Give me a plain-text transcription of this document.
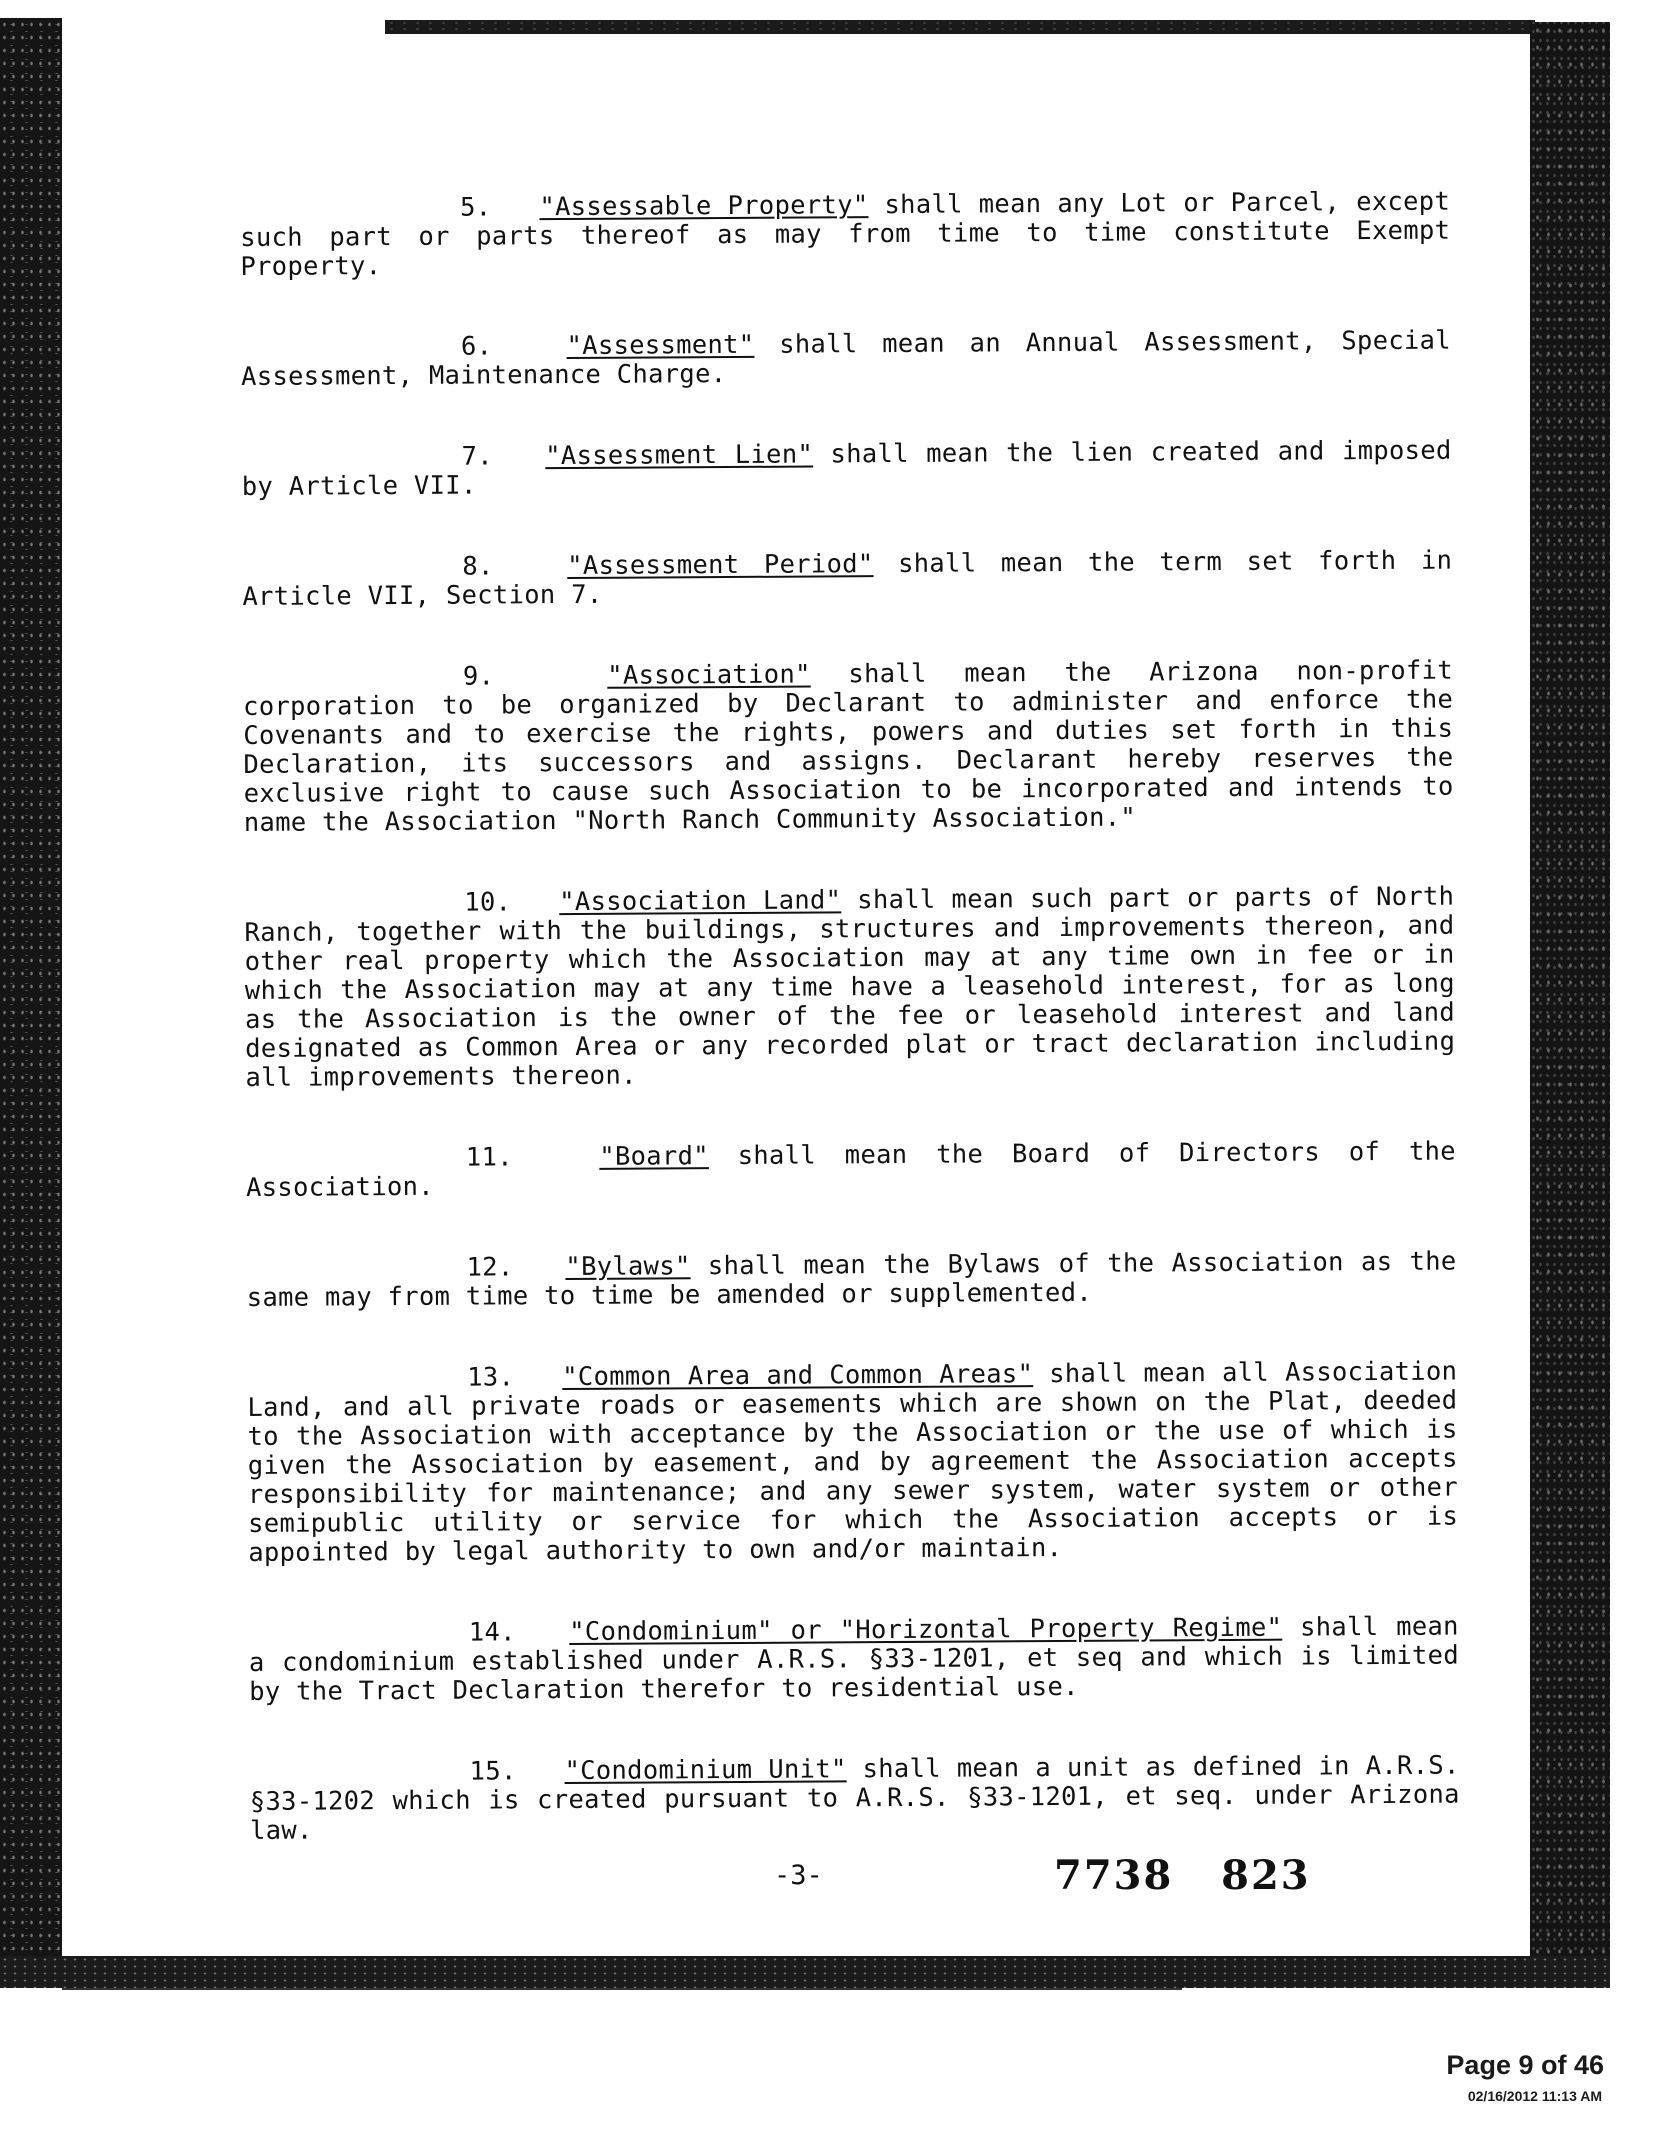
5. "Assessable Property" shall mean any Lot or Parcel, except such part or parts thereof as may from time to time constitute Exempt Property.

6.	"Assessment" shall mean an Annual Assessment, Special Assessment, Maintenance Charge.

7. "Assessment Lien" shall mean the lien created and imposed by Article VII.

8.	"Assessment Period" shall mean the term set forth in Article VII, Section 7.

9.	"Association" shall mean the Arizona non-profit corporation to be organized by Declarant to administer and enforce the Covenants and to exercise the rights, powers and duties set forth in this Declaration, its successors and assigns. Declarant hereby reserves the exclusive right to cause such Association to be incorporated and intends to name the Association "North Ranch Community Association."

10. "Association Land" shall mean such part or parts of North Ranch, together with the buildings, structures and improvements thereon, and other real property which the Association may at any time own in fee or in which the Association may at any time have a leasehold interest, for as long as the Association is the owner of the fee or leasehold interest and land designated as Common Area or any recorded plat or tract declaration including all improvements thereon.

11.	"Board" shall mean the Board of Directors of the Association.

12. "Bylaws" shall mean the Bylaws of the Association as the same may from time to time be amended or supplemented.

13. "Common Area and Common Areas" shall mean all Association Land, and all private roads or easements which are shown on the Plat, deeded to the Association with acceptance by the Association or the use of which is given the Association by easement, and by agreement the Association accepts responsibility for maintenance; and any sewer system, water system or other semipublic utility or service for which the Association accepts or is appointed by legal authority to own and/or maintain.

14. "Condominium" or "Horizontal Property Regime" shall mean a condominium established under A.R.S. §33-1201, et seq and which is limited by the Tract Declaration therefor to residential use.

15. "Condominium Unit" shall mean a unit as defined in A.R.S. §33-1202 which is created pursuant to A.R.S. §33-1201, et seq. under Arizona law.

-3-	7738 823
Page 9 of 46
02/16/2012 11:13 AM
